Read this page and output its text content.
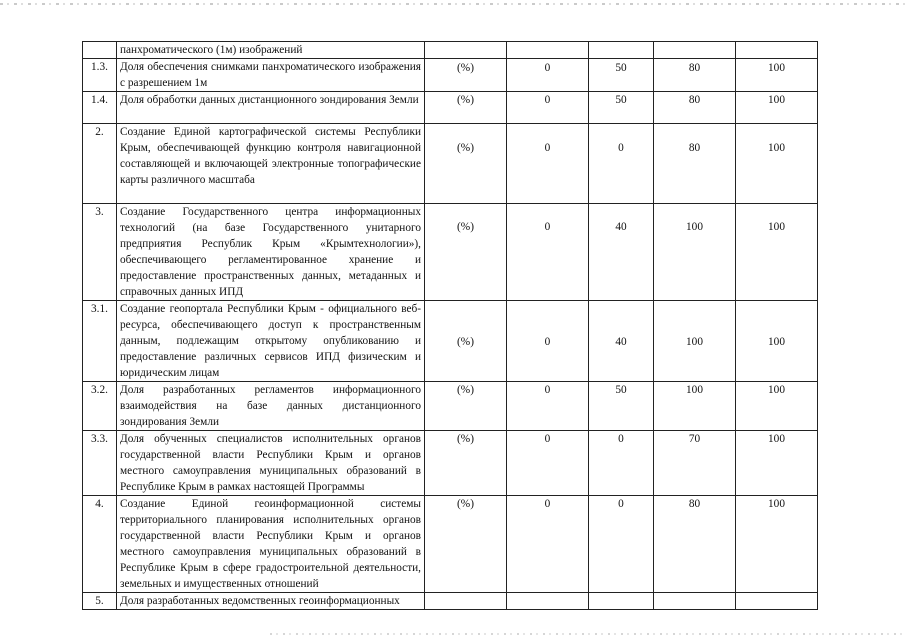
	панхроматического (1м) изображений					
1.3.	Доля обеспечения снимками панхроматического изображения с разрешением 1м	(%)	0	50	80	100
1.4.	Доля обработки данных дистанционного зондирования Земли	(%)	0	50	80	100
2.	Создание Единой картографической системы Республики Крым, обеспечивающей функцию контроля навигационной составляющей и включающей электронные топографические карты различного масштаба	(%)	0	0	80	100
3.	Создание Государственного центра информационных технологий (на базе Государственного унитарного предприятия Республик Крым «Крымтехнологии»), обеспечивающего регламентированное хранение и предоставление пространственных данных, метаданных и справочных данных ИПД	(%)	0	40	100	100
3.1.	Создание геопортала Республики Крым - официального веб-ресурса, обеспечивающего доступ к пространственным данным, подлежащим открытому опубликованию и предоставление различных сервисов ИПД физическим и юридическим лицам	(%)	0	40	100	100
3.2.	Доля разработанных регламентов информационного взаимодействия на базе данных дистанционного зондирования Земли	(%)	0	50	100	100
3.3.	Доля обученных специалистов исполнительных органов государственной власти Республики Крым и органов местного самоуправления муниципальных образований в Республике Крым в рамках настоящей Программы	(%)	0	0	70	100
4.	Создание Единой геоинформационной системы территориального планирования исполнительных органов государственной власти Республики Крым и органов местного самоуправления муниципальных образований в Республике Крым в сфере градостроительной деятельности, земельных и имущественных отношений	(%)	0	0	80	100
5.	Доля разработанных ведомственных геоинформационных					
